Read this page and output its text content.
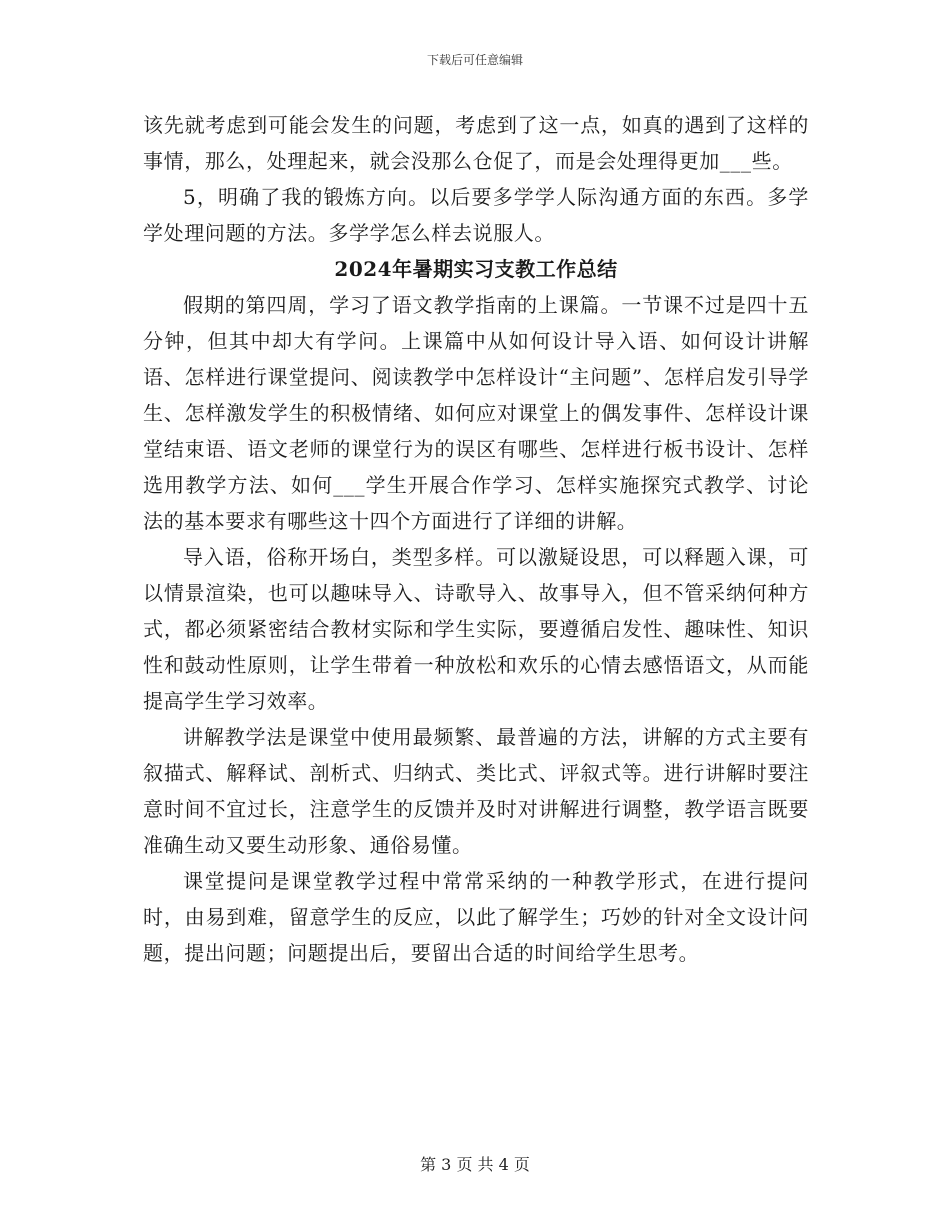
下载后可任意编辑

该先就考虑到可能会发生的问题，考虑到了这一点，如真的遇到了这样的事情，那么，处理起来，就会没那么仓促了，而是会处理得更加___些。

5，明确了我的锻炼方向。以后要多学学人际沟通方面的东西。多学学处理问题的方法。多学学怎么样去说服人。

2024年暑期实习支教工作总结

假期的第四周，学习了语文教学指南的上课篇。一节课不过是四十五分钟，但其中却大有学问。上课篇中从如何设计导入语、如何设计讲解语、怎样进行课堂提问、阅读教学中怎样设计“主问题”、怎样启发引导学生、怎样激发学生的积极情绪、如何应对课堂上的偶发事件、怎样设计课堂结束语、语文老师的课堂行为的误区有哪些、怎样进行板书设计、怎样选用教学方法、如何___学生开展合作学习、怎样实施探究式教学、讨论法的基本要求有哪些这十四个方面进行了详细的讲解。

导入语，俗称开场白，类型多样。可以激疑设思，可以释题入课，可以情景渲染，也可以趣味导入、诗歌导入、故事导入，但不管采纳何种方式，都必须紧密结合教材实际和学生实际，要遵循启发性、趣味性、知识性和鼓动性原则，让学生带着一种放松和欢乐的心情去感悟语文，从而能提高学生学习效率。

讲解教学法是课堂中使用最频繁、最普遍的方法，讲解的方式主要有叙描式、解释试、剖析式、归纳式、类比式、评叙式等。进行讲解时要注意时间不宜过长，注意学生的反馈并及时对讲解进行调整，教学语言既要准确生动又要生动形象、通俗易懂。

课堂提问是课堂教学过程中常常采纳的一种教学形式，在进行提问时，由易到难，留意学生的反应，以此了解学生；巧妙的针对全文设计问题，提出问题；问题提出后，要留出合适的时间给学生思考。

第 3 页 共 4 页
